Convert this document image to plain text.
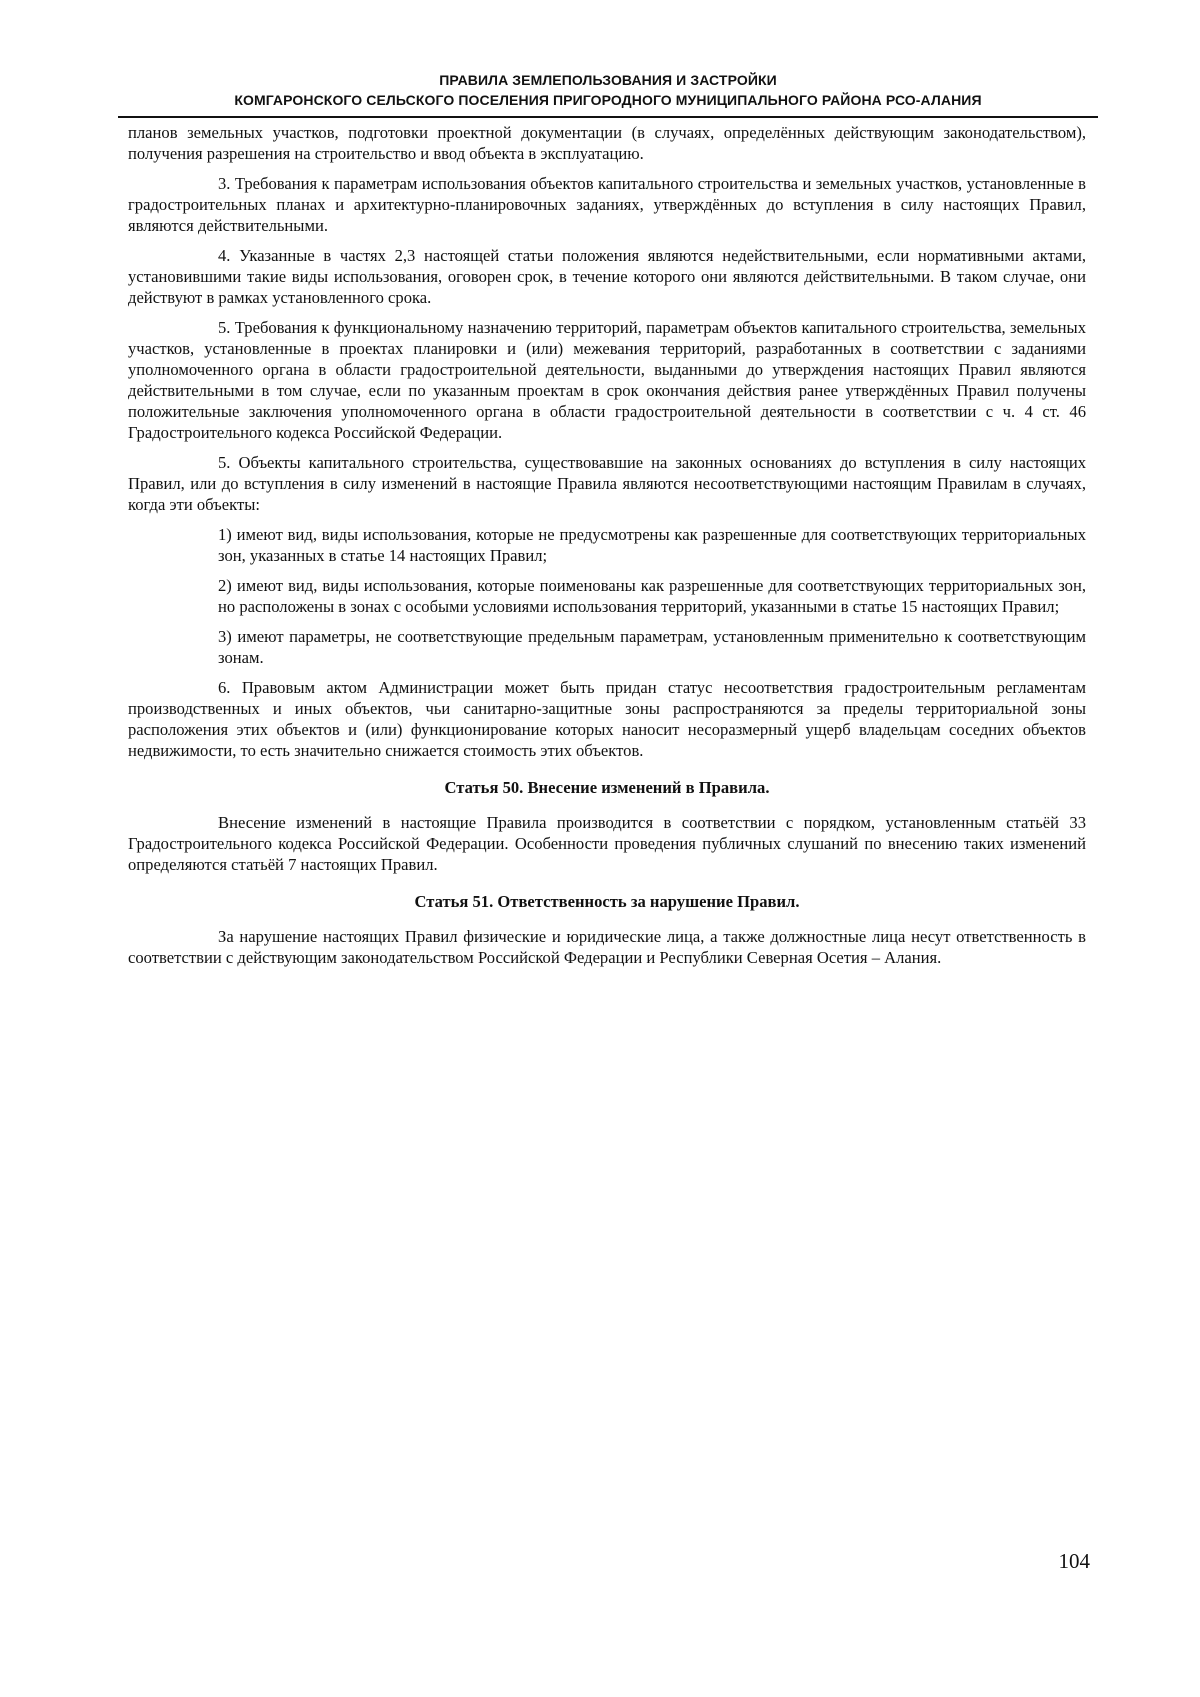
ПРАВИЛА ЗЕМЛЕПОЛЬЗОВАНИЯ И ЗАСТРОЙКИ
КОМГАРОНСКОГО СЕЛЬСКОГО ПОСЕЛЕНИЯ ПРИГОРОДНОГО МУНИЦИПАЛЬНОГО РАЙОНА РСО-АЛАНИЯ

планов земельных участков, подготовки проектной документации (в случаях, определённых действующим законодательством), получения разрешения на строительство и ввод объекта в эксплуатацию.

3. Требования к параметрам использования объектов капитального строительства и земельных участков, установленные в градостроительных планах и архитектурно-планировочных заданиях, утверждённых до вступления в силу настоящих Правил, являются действительными.

4. Указанные в частях 2,3 настоящей статьи положения являются недействительными, если нормативными актами, установившими такие виды использования, оговорен срок, в течение которого они являются действительными. В таком случае, они действуют в рамках установленного срока.

5. Требования к функциональному назначению территорий, параметрам объектов капитального строительства, земельных участков, установленные в проектах планировки и (или) межевания территорий, разработанных в соответствии с заданиями уполномоченного органа в области градостроительной деятельности, выданными до утверждения настоящих Правил являются действительными в том случае, если по указанным проектам в срок окончания действия ранее утверждённых Правил получены положительные заключения уполномоченного органа в области градостроительной деятельности в соответствии с ч. 4 ст. 46 Градостроительного кодекса Российской Федерации.

5. Объекты капитального строительства, существовавшие на законных основаниях до вступления в силу настоящих Правил, или до вступления в силу изменений в настоящие Правила являются несоответствующими настоящим Правилам в случаях, когда эти объекты:

1) имеют вид, виды использования, которые не предусмотрены как разрешенные для соответствующих территориальных зон, указанных в статье 14 настоящих Правил;

2) имеют вид, виды использования, которые поименованы как разрешенные для соответствующих территориальных зон, но расположены в зонах с особыми условиями использования территорий, указанными в статье 15 настоящих Правил;

3) имеют параметры, не соответствующие предельным параметрам, установленным применительно к соответствующим зонам.

6. Правовым актом Администрации может быть придан статус несоответствия градостроительным регламентам производственных и иных объектов, чьи санитарно-защитные зоны распространяются за пределы территориальной зоны расположения этих объектов и (или) функционирование которых наносит несоразмерный ущерб владельцам соседних объектов недвижимости, то есть значительно снижается стоимость этих объектов.

Статья 50. Внесение изменений в Правила.

Внесение изменений в настоящие Правила производится в соответствии с порядком, установленным статьёй 33 Градостроительного кодекса Российской Федерации. Особенности проведения публичных слушаний по внесению таких изменений определяются статьёй 7 настоящих Правил.

Статья 51. Ответственность за нарушение Правил.

За нарушение настоящих Правил физические и юридические лица, а также должностные лица несут ответственность в соответствии с действующим законодательством Российской Федерации и Республики Северная Осетия – Алания.

104
